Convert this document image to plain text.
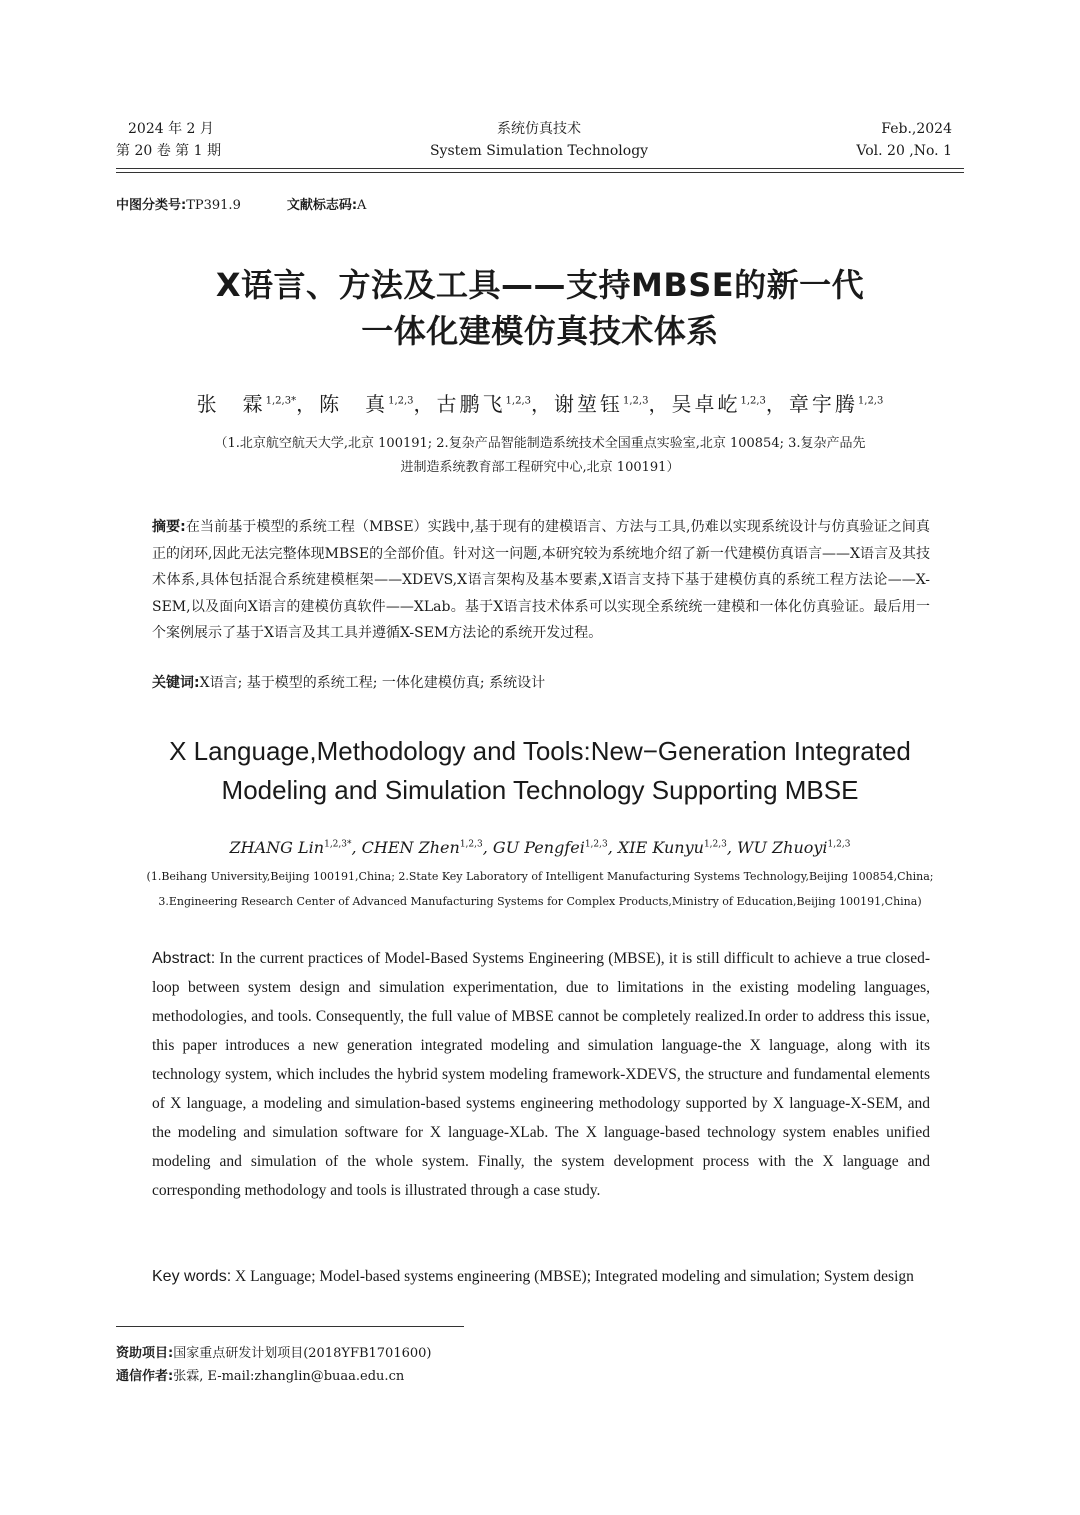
2024 年 2 月
第 20 卷 第 1 期
系统仿真技术
System Simulation Technology
Feb.,2024
Vol. 20 ,No. 1
中图分类号:TP391.9	文献标志码:A
X语言、方法及工具——支持MBSE的新一代
一体化建模仿真技术体系
张　霖$^{1,2,3*}$，陈　真$^{1,2,3}$，古鹏飞$^{1,2,3}$，谢堃钰$^{1,2,3}$，吴卓屹$^{1,2,3}$，章宇腾$^{1,2,3}$
（1.北京航空航天大学,北京 100191; 2.复杂产品智能制造系统技术全国重点实验室,北京 100854; 3.复杂产品先
进制造系统教育部工程研究中心,北京 100191）
摘要:在当前基于模型的系统工程（MBSE）实践中,基于现有的建模语言、方法与工具,仍难以实现系统设计与仿真验证之间真正的闭环,因此无法完整体现MBSE的全部价值。针对这一问题,本研究较为系统地介绍了新一代建模仿真语言——X语言及其技术体系,具体包括混合系统建模框架——XDEVS,X语言架构及基本要素,X语言支持下基于建模仿真的系统工程方法论——X-SEM,以及面向X语言的建模仿真软件——XLab。基于X语言技术体系可以实现全系统统一建模和一体化仿真验证。最后用一个案例展示了基于X语言及其工具并遵循X-SEM方法论的系统开发过程。
关键词:X语言; 基于模型的系统工程; 一体化建模仿真; 系统设计
X Language,Methodology and Tools:New−Generation Integrated
Modeling and Simulation Technology Supporting MBSE
ZHANG Lin$^{1,2,3*}$, CHEN Zhen$^{1,2,3}$, GU Pengfei$^{1,2,3}$, XIE Kunyu$^{1,2,3}$, WU Zhuoyi$^{1,2,3}$
(1.Beihang University,Beijing 100191,China; 2.State Key Laboratory of Intelligent Manufacturing Systems Technology,Beijing 100854,China;
3.Engineering Research Center of Advanced Manufacturing Systems for Complex Products,Ministry of Education,Beijing 100191,China)
Abstract: In the current practices of Model-Based Systems Engineering (MBSE), it is still difficult to achieve a true closed-loop between system design and simulation experimentation, due to limitations in the existing modeling languages, methodologies, and tools. Consequently, the full value of MBSE cannot be completely realized.In order to address this issue, this paper introduces a new generation integrated modeling and simulation language-the X language, along with its technology system, which includes the hybrid system modeling framework-XDEVS, the structure and fundamental elements of X language, a modeling and simulation-based systems engineering methodology supported by X language-X-SEM, and the modeling and simulation software for X language-XLab. The X language-based technology system enables unified modeling and simulation of the whole system. Finally, the system development process with the X language and corresponding methodology and tools is illustrated through a case study.
Key words: X Language; Model-based systems engineering (MBSE); Integrated modeling and simulation; System design
资助项目:国家重点研发计划项目(2018YFB1701600)
通信作者:张霖, E-mail:zhanglin@buaa.edu.cn
